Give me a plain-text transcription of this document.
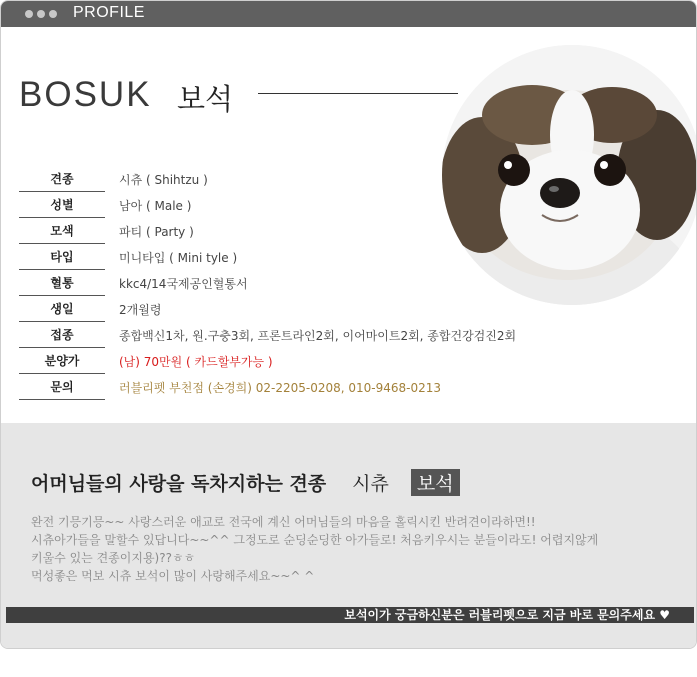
PROFILE
BOSUK 보석
견종	시츄 ( Shihtzu )
성별	남아 ( Male )
모색	파티 ( Party )
타입	미니타입 ( Mini tyle )
혈통	kkc4/14국제공인혈통서
생일	2개월령
접종	종합백신1차, 원.구충3회, 프론트라인2회, 이어마이트2회, 종합건강검진2회
분양가	(남) 70만원 ( 카드할부가능 )
문의	러블리펫 부천점 (손경희) 02-2205-0208, 010-9468-0213
어머님들의 사랑을 독차지하는 견종 시츄 보석
완전 기믕기믕~~ 사랑스러운 애교로 전국에 계신 어머님들의 마음을 홀릭시킨 반려견이라하면!!
시츄아가들을 말할수 있답니다~~^^ 그정도로 순딩순딩한 아가들로! 처음키우시는 분들이라도! 어렵지않게
키울수 있는 견종이지용)??ㅎㅎ
먹성좋은 먹보 시츄 보석이 많이 사랑해주세요~~^ ^
보석이가 궁금하신분은 러블리펫으로 지금 바로 문의주세요 ♥
